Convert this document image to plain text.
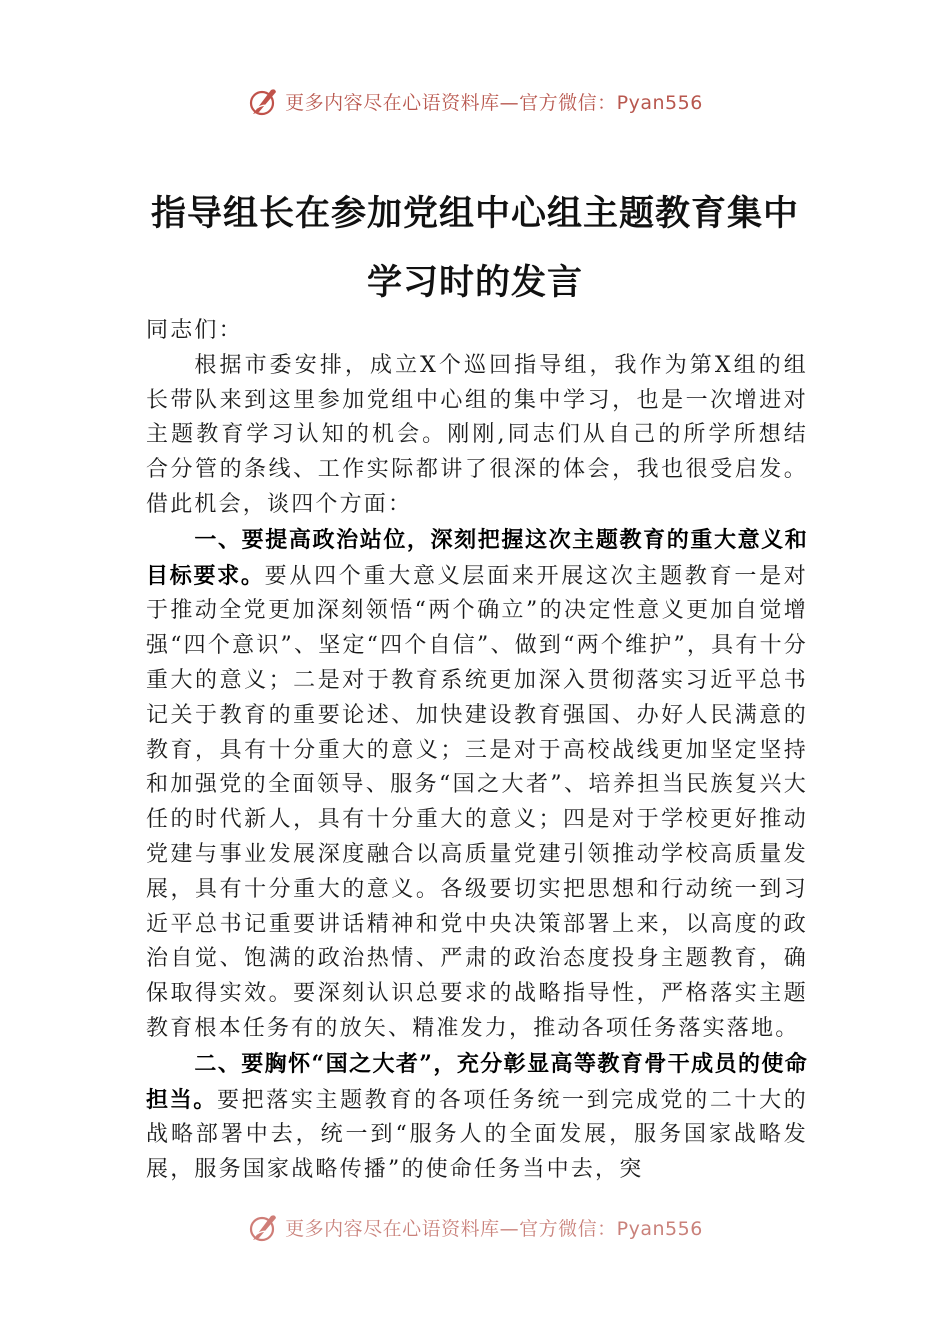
更多内容尽在心语资料库—官方微信：Pyan556
指导组长在参加党组中心组主题教育集中
学习时的发言

同志们：

根据市委安排，成立X个巡回指导组，我作为第X组的组长带队来到这里参加党组中心组的集中学习，也是一次增进对主题教育学习认知的机会。刚刚,同志们从自己的所学所想结合分管的条线、工作实际都讲了很深的体会，我也很受启发。借此机会，谈四个方面：

一、要提高政治站位，深刻把握这次主题教育的重大意义和目标要求。要从四个重大意义层面来开展这次主题教育一是对于推动全党更加深刻领悟“两个确立”的决定性意义更加自觉增强“四个意识”、坚定“四个自信”、做到“两个维护”，具有十分重大的意义；二是对于教育系统更加深入贯彻落实习近平总书记关于教育的重要论述、加快建设教育强国、办好人民满意的教育，具有十分重大的意义；三是对于高校战线更加坚定坚持和加强党的全面领导、服务“国之大者”、培养担当民族复兴大任的时代新人，具有十分重大的意义；四是对于学校更好推动党建与事业发展深度融合以高质量党建引领推动学校高质量发展，具有十分重大的意义。各级要切实把思想和行动统一到习近平总书记重要讲话精神和党中央决策部署上来，以高度的政治自觉、饱满的政治热情、严肃的政治态度投身主题教育，确保取得实效。要深刻认识总要求的战略指导性，严格落实主题教育根本任务有的放矢、精准发力，推动各项任务落实落地。

二、要胸怀“国之大者”，充分彰显高等教育骨干成员的使命担当。要把落实主题教育的各项任务统一到完成党的二十大的战略部署中去，统一到“服务人的全面发展，服务国家战略发展，服务国家战略传播”的使命任务当中去，突

更多内容尽在心语资料库—官方微信：Pyan556
